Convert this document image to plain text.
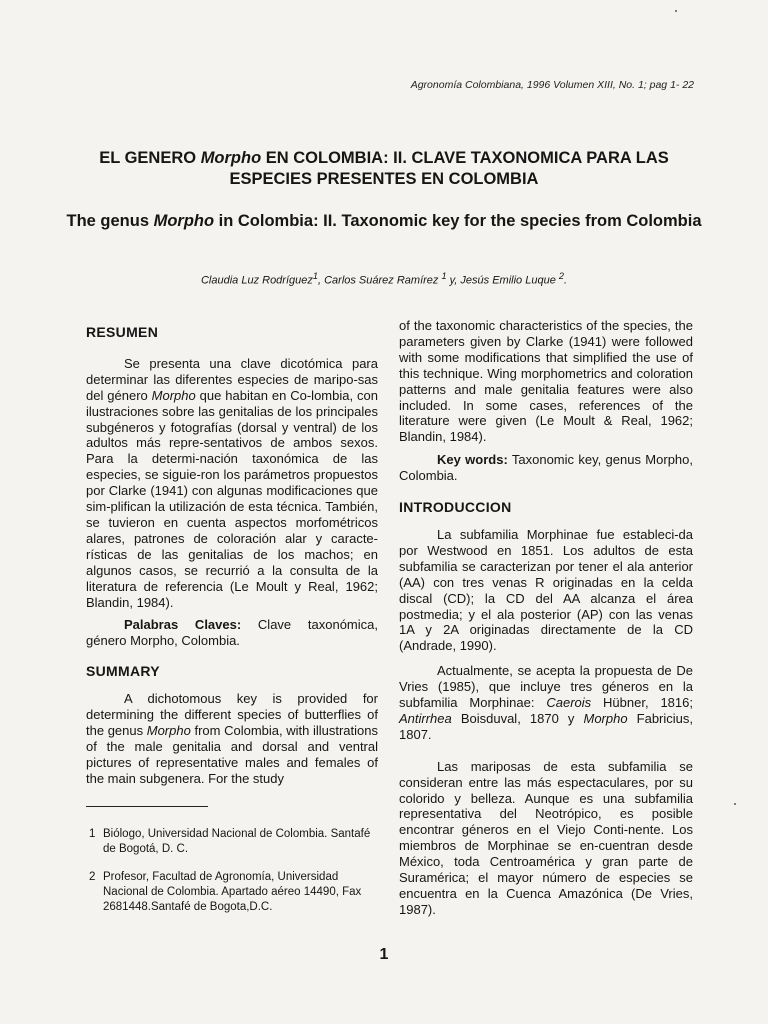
Agronomía Colombiana, 1996 Volumen XIII, No. 1; pag 1- 22
EL GENERO Morpho EN COLOMBIA: II. CLAVE TAXONOMICA PARA LAS ESPECIES PRESENTES EN COLOMBIA
The genus Morpho in Colombia: II. Taxonomic key for the species from Colombia
Claudia Luz Rodríguez$^1$, Carlos Suárez Ramírez $^1$ y, Jesús Emilio Luque $^2$.
RESUMEN

Se presenta una clave dicotómica para determinar las diferentes especies de maripo-sas del género Morpho que habitan en Co-lombia, con ilustraciones sobre las genitalias de los principales subgéneros y fotografías (dorsal y ventral) de los adultos más repre-sentativos de ambos sexos. Para la determi-nación taxonómica de las especies, se siguie-ron los parámetros propuestos por Clarke (1941) con algunas modificaciones que sim-plifican la utilización de esta técnica. También, se tuvieron en cuenta aspectos morfométricos alares, patrones de coloración alar y caracte-rísticas de las genitalias de los machos; en algunos casos, se recurrió a la consulta de la literatura de referencia (Le Moult y Real, 1962; Blandin, 1984).

Palabras Claves: Clave taxonómica, género Morpho, Colombia.

SUMMARY

A dichotomous key is provided for determining the different species of butterflies of the genus Morpho from Colombia, with illustrations of the male genitalia and dorsal and ventral pictures of representative males and females of the main subgenera. For the study

1 Biólogo, Universidad Nacional de Colombia. Santafé de Bogotá, D. C.
2 Profesor, Facultad de Agronomía, Universidad Nacional de Colombia. Apartado aéreo 14490, Fax 2681448.Santafé de Bogota,D.C.

of the taxonomic characteristics of the species, the parameters given by Clarke (1941) were followed with some modifications that simplified the use of this technique. Wing morphometrics and coloration patterns and male genitalia features were also included. In some cases, references of the literature were given (Le Moult & Real, 1962; Blandin, 1984).

Key words: Taxonomic key, genus Morpho, Colombia.

INTRODUCCION

La subfamilia Morphinae fue estableci-da por Westwood en 1851. Los adultos de esta subfamilia se caracterizan por tener el ala anterior (AA) con tres venas R originadas en la celda discal (CD); la CD del AA alcanza el área postmedia; y el ala posterior (AP) con las venas 1A y 2A originadas directamente de la CD (Andrade, 1990).

Actualmente, se acepta la propuesta de De Vries (1985), que incluye tres géneros en la subfamilia Morphinae: Caerois Hübner, 1816; Antirrhea Boisduval, 1870 y Morpho Fabricius, 1807.

Las mariposas de esta subfamilia se consideran entre las más espectaculares, por su colorido y belleza. Aunque es una subfamilia representativa del Neotrópico, es posible encontrar géneros en el Viejo Conti-nente. Los miembros de Morphinae se en-cuentran desde México, toda Centroamérica y gran parte de Suramérica; el mayor número de especies se encuentra en la Cuenca Amazónica (De Vries, 1987).

1
